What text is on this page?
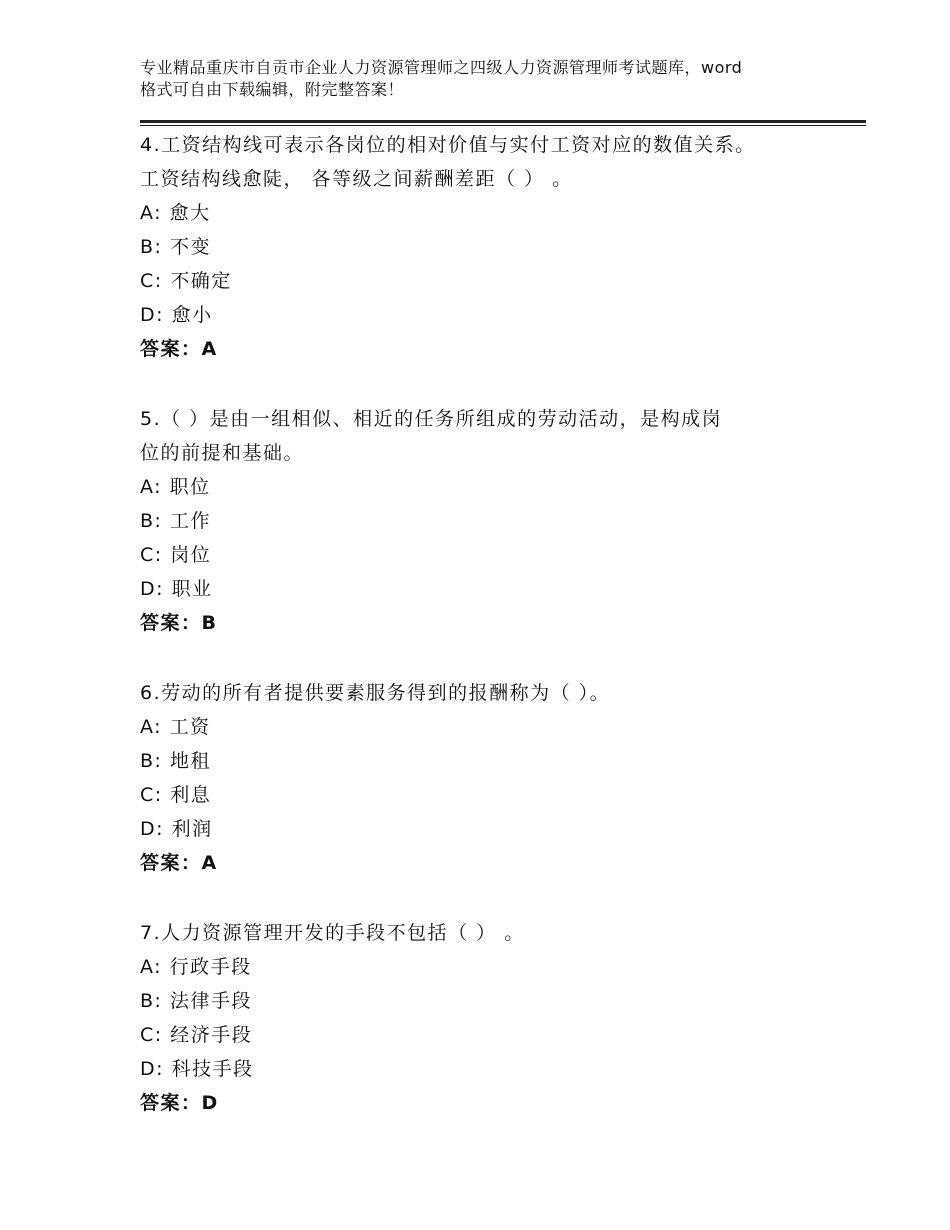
专业精品重庆市自贡市企业人力资源管理师之四级人力资源管理师考试题库，word
格式可自由下载编辑，附完整答案！
4.工资结构线可表示各岗位的相对价值与实付工资对应的数值关系。
工资结构线愈陡， 各等级之间薪酬差距（ ） 。
A: 愈大
B: 不变
C: 不确定
D: 愈小
答案：A
5.（ ）是由一组相似、相近的任务所组成的劳动活动，是构成岗
位的前提和基础。
A: 职位
B: 工作
C: 岗位
D: 职业
答案：B
6.劳动的所有者提供要素服务得到的报酬称为（ ）。
A: 工资
B: 地租
C: 利息
D: 利润
答案：A
7.人力资源管理开发的手段不包括（ ） 。
A: 行政手段
B: 法律手段
C: 经济手段
D: 科技手段
答案：D
